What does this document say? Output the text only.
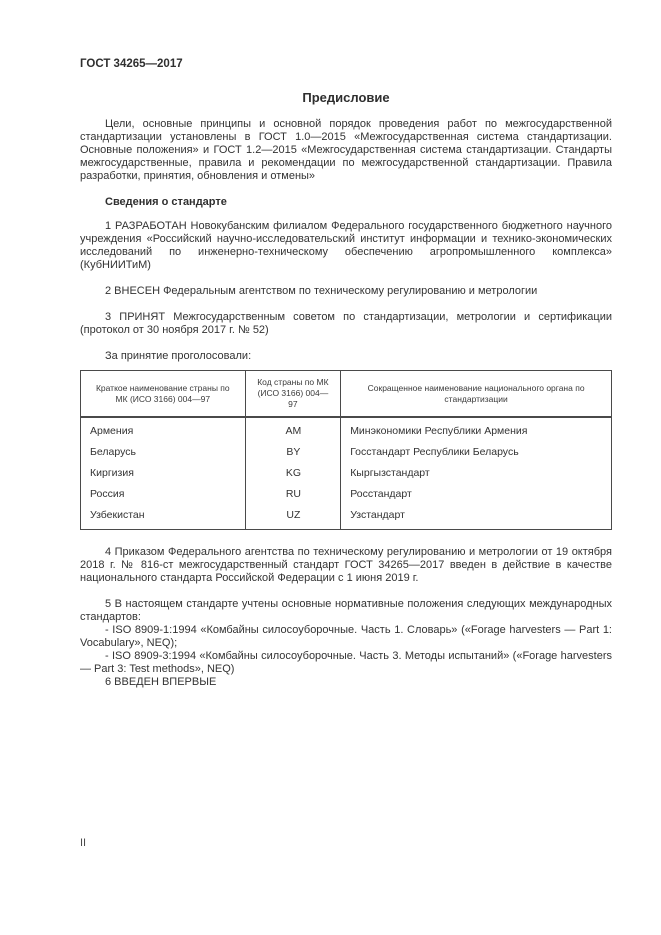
ГОСТ 34265—2017
Предисловие

Цели, основные принципы и основной порядок проведения работ по межгосударственной стандартизации установлены в ГОСТ 1.0—2015 «Межгосударственная система стандартизации. Основные положения» и ГОСТ 1.2—2015 «Межгосударственная система стандартизации. Стандарты межгосударственные, правила и рекомендации по межгосударственной стандартизации. Правила разработки, принятия, обновления и отмены»

Сведения о стандарте

1 РАЗРАБОТАН Новокубанским филиалом Федерального государственного бюджетного научного учреждения «Российский научно-исследовательский институт информации и технико-экономических исследований по инженерно-техническому обеспечению агропромышленного комплекса» (КубНИИТиМ)

2 ВНЕСЕН Федеральным агентством по техническому регулированию и метрологии

3 ПРИНЯТ Межгосударственным советом по стандартизации, метрологии и сертификации (протокол от 30 ноября 2017 г. № 52)

За принятие проголосовали:

Краткое наименование страны по МК (ИСО 3166) 004—97	Код страны по МК (ИСО 3166) 004—97	Сокращенное наименование национального органа по стандартизации
Армения	AM	Минэкономики Республики Армения
Беларусь	BY	Госстандарт Республики Беларусь
Киргизия	KG	Кыргызстандарт
Россия	RU	Росстандарт
Узбекистан	UZ	Узстандарт

4 Приказом Федерального агентства по техническому регулированию и метрологии от 19 октября 2018 г. № 816-ст межгосударственный стандарт ГОСТ 34265—2017 введен в действие в качестве национального стандарта Российской Федерации с 1 июня 2019 г.

5 В настоящем стандарте учтены основные нормативные положения следующих международных стандартов:

- ISO 8909-1:1994 «Комбайны силосоуборочные. Часть 1. Словарь» («Forage harvesters — Part 1: Vocabulary», NEQ);

- ISO 8909-3:1994 «Комбайны силосоуборочные. Часть 3. Методы испытаний» («Forage harvesters — Part 3: Test methods», NEQ)

6 ВВЕДЕН ВПЕРВЫЕ

II
